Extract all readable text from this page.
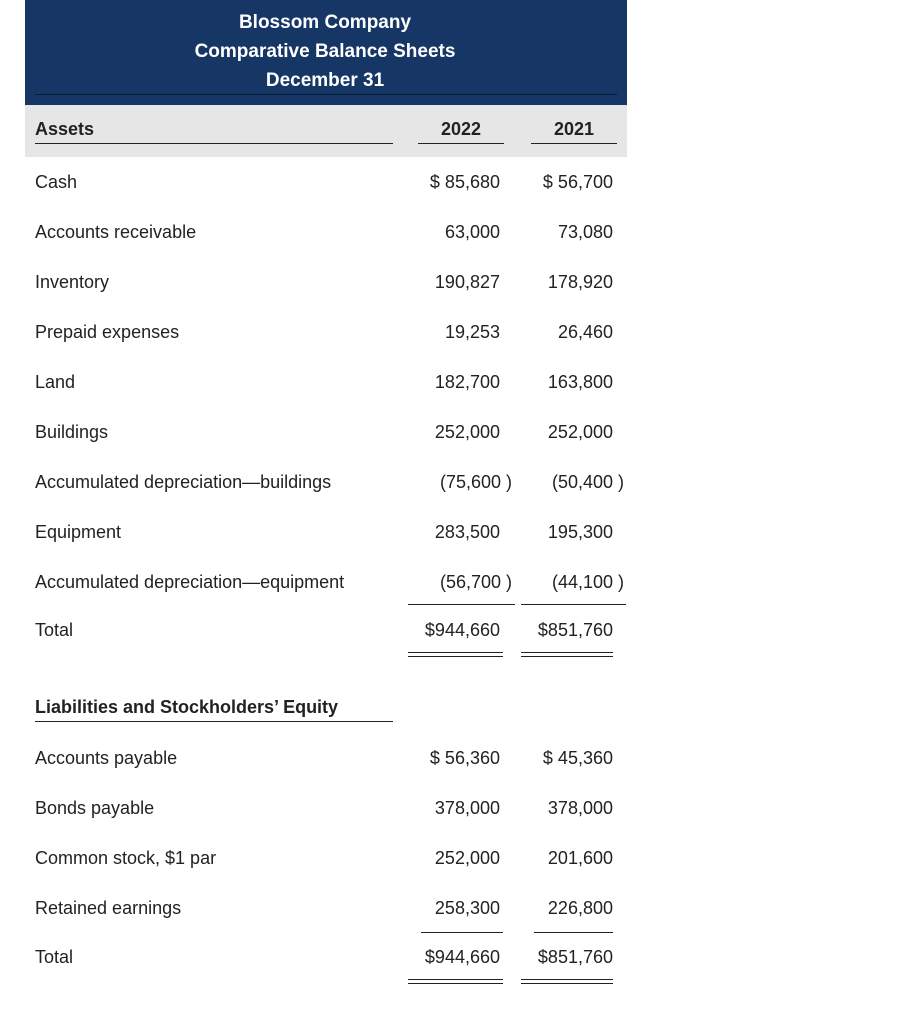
Blossom Company
Comparative Balance Sheets
December 31
Assets	2022	2021
Cash	$ 85,680 $ 56,700
Accounts receivable	63,000	73,080
Inventory	190,827	178,920
Prepaid expenses	19,253	26,460
Land	182,700	163,800
Buildings	252,000	252,000
Accumulated depreciation—buildings	(75,600 ) (50,400 )
Equipment	283,500	195,300
Accumulated depreciation—equipment	(56,700 ) (44,100 )
Total	$944,660 $851,760
Liabilities and Stockholders’ Equity
Accounts payable	$ 56,360 $ 45,360
Bonds payable	378,000	378,000
Common stock, $1 par	252,000	201,600
Retained earnings	258,300	226,800
Total	$944,660 $851,760
